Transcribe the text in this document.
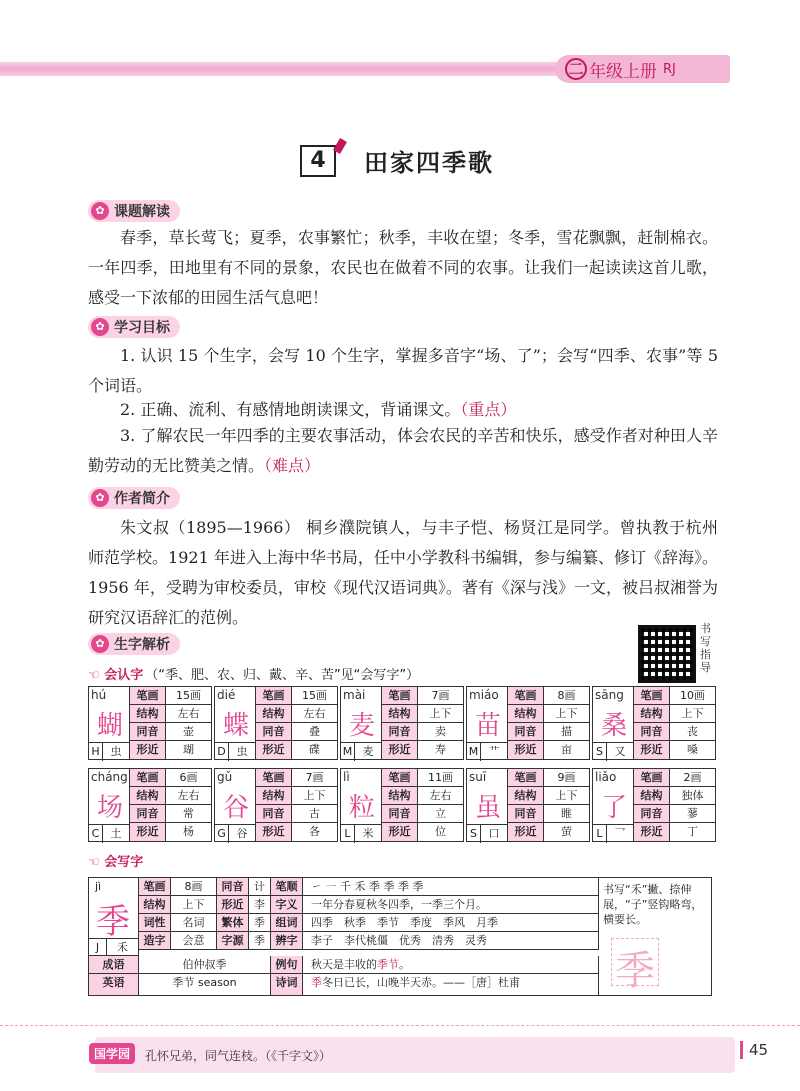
二 年级上册 RJ
4	田家四季歌
✿ 课题解读
春季，草长莺飞；夏季，农事繁忙；秋季，丰收在望；冬季，雪花飘飘，赶制棉衣。一年四季，田地里有不同的景象，农民也在做着不同的农事。让我们一起读读这首儿歌，感受一下浓郁的田园生活气息吧！
✿ 学习目标
1. 认识 15 个生字，会写 10 个生字，掌握多音字“场、了”；会写“四季、农事”等 5 个词语。
2. 正确、流利、有感情地朗读课文，背诵课文。（重点）
3. 了解农民一年四季的主要农事活动，体会农民的辛苦和快乐，感受作者对种田人辛勤劳动的无比赞美之情。（难点）
✿ 作者简介
朱文叔（1895—1966） 桐乡濮院镇人，与丰子恺、杨贤江是同学。曾执教于杭州师范学校。1921 年进入上海中华书局，任中小学教科书编辑，参与编纂、修订《辞海》。1956 年，受聘为审校委员，审校《现代汉语词典》。著有《深与浅》一文，被吕叔湘誉为研究汉语辞汇的范例。
✿ 生字解析
书写指导
☜ 会认字 （“季、肥、农、归、戴、辛、苦”见“会写字”）
hú
蝴
H 虫
笔画	15画
结构	左右
同音	壶
形近	瑚
dié
蝶
D 虫
笔画	15画
结构	左右
同音	叠
形近	碟
mài
麦
M 麦
笔画	7画
结构	上下
同音	卖
形近	寿
miáo
苗
M 艹
笔画	8画
结构	上下
同音	描
形近	亩
sāng
桑
S	又
笔画	10画
结构	上下
同音	丧
形近	嗓
cháng
场
C	土
笔画	6画
结构	左右
同音	常
形近	杨
gǔ
谷
G 谷
笔画	7画
结构	上下
同音	古
形近	各
lì
粒
L	米
笔画	11画
结构	左右
同音	立
形近	位
suī
虽
S	口
笔画	9画
结构	上下
同音	睢
形近	萤
liǎo
了
L	乛
笔画	2画
结构	独体
同音	蓼
形近	丁
☜ 会写字
jì
季
J	禾
笔画	8画	同音 计 笔顺	㇀ ㇐ 千 禾 季 季 季 季
结构	上下	形近 李 字义	一年分春夏秋冬四季，一季三个月。
词性	名词	繁体 季 组词	四季　秋季　季节　季度　季风　月季
造字	会意	字源 季 辨字	李子　李代桃僵　优秀　清秀　灵秀
成语	伯仲叔季	例句	秋天是丰收的季节。
英语	季节 season	诗词	季冬日已长，山晚半天赤。——［唐］杜甫
书写“禾”撇、捺伸展，“子”竖钩略弯，横要长。
季
国学园	孔怀兄弟，同气连枝。（《千字文》）	45
